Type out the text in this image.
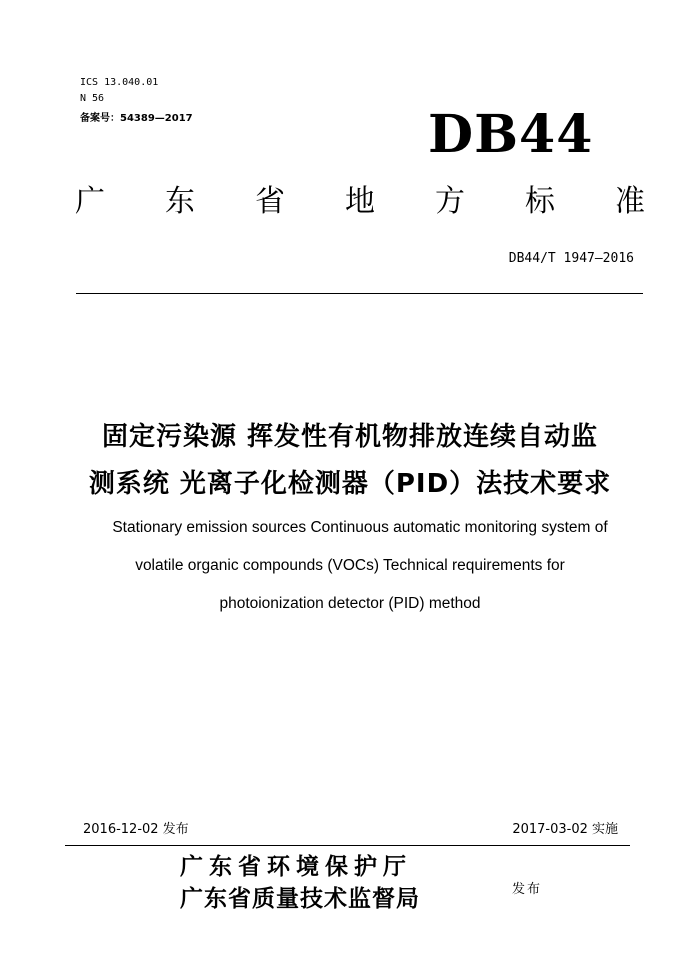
ICS 13.040.01
N 56
备案号：54389—2017	DB44
广 东 省 地 方 标 准
DB44/T 1947—2016
固定污染源 挥发性有机物排放连续自动监
测系统 光离子化检测器（PID）法技术要求
Stationary emission sources Continuous automatic monitoring system of
volatile organic compounds (VOCs) Technical requirements for
photoionization detector (PID) method
2016-12-02 发布	2017-03-02 实施
广东省环境保护厅
广东省质量技术监督局	发布
